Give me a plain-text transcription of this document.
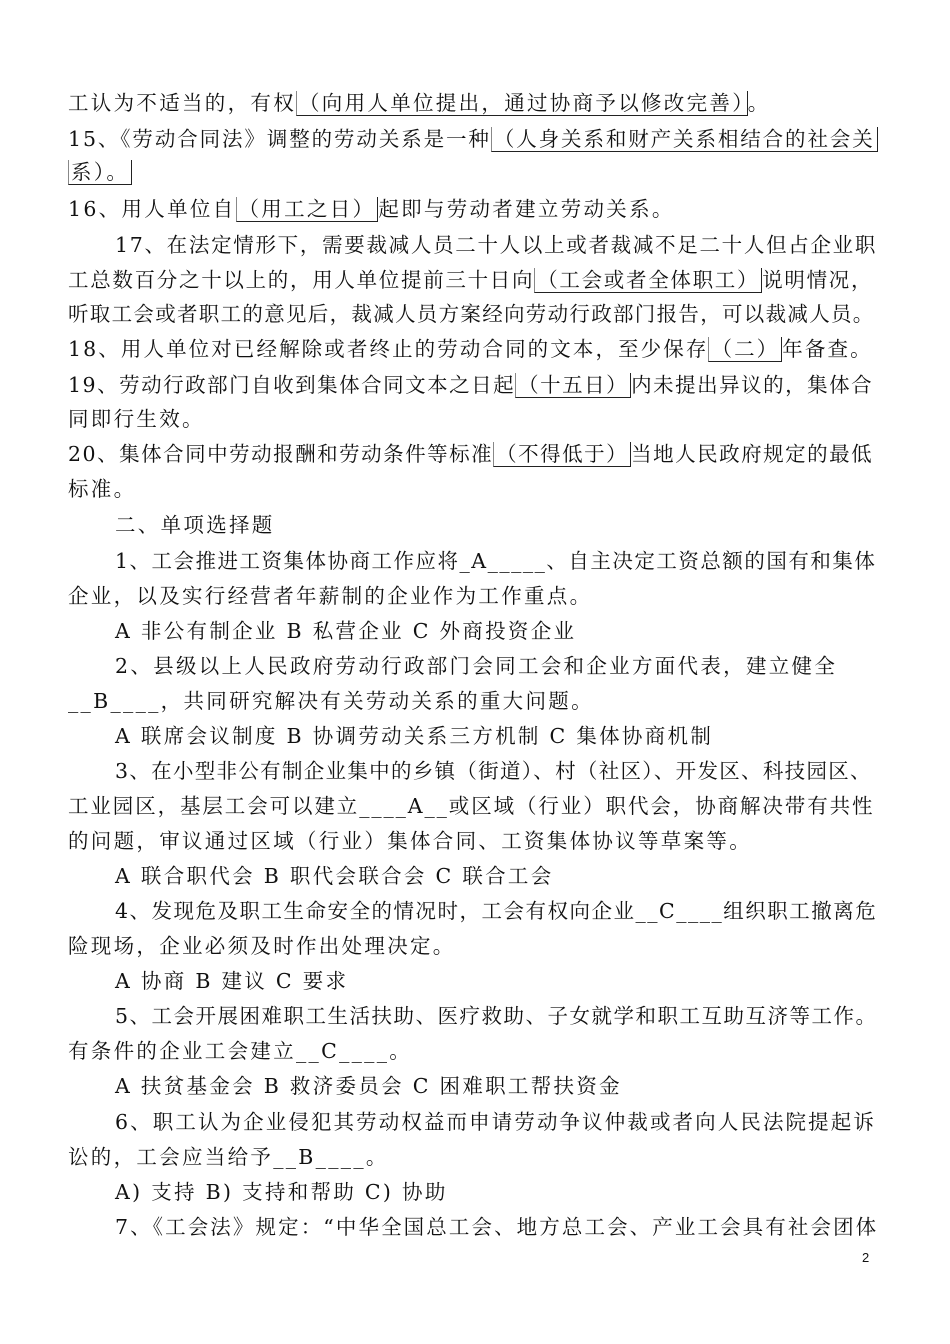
工认为不适当的，有权 （向用人单位提出，通过协商予以修改完善） 。
15、《劳动合同法》调整的劳动关系是一种 （人身关系和财产关系相结合的社会关
系）。
16、用人单位自 （用工之日） 起即与劳动者建立劳动关系。
17、在法定情形下，需要裁减人员二十人以上或者裁减不足二十人但占企业职
工总数百分之十以上的，用人单位提前三十日向 （工会或者全体职工） 说明情况，
听取工会或者职工的意见后，裁减人员方案经向劳动行政部门报告，可以裁减人员。
18、用人单位对已经解除或者终止的劳动合同的文本，至少保存 （二） 年备查。
19、劳动行政部门自收到集体合同文本之日起 （十五日） 内未提出异议的，集体合
同即行生效。
20、集体合同中劳动报酬和劳动条件等标准 （不得低于） 当地人民政府规定的最低
标准。
二、单项选择题
1、工会推进工资集体协商工作应将_A_____、自主决定工资总额的国有和集体
企业，以及实行经营者年薪制的企业作为工作重点。
A 非公有制企业 B 私营企业 C 外商投资企业
2、县级以上人民政府劳动行政部门会同工会和企业方面代表，建立健全
__B____，共同研究解决有关劳动关系的重大问题。
A 联席会议制度 B 协调劳动关系三方机制 C 集体协商机制
3、在小型非公有制企业集中的乡镇（街道）、村（社区）、开发区、科技园区、
工业园区，基层工会可以建立____A__或区域（行业）职代会，协商解决带有共性
的问题，审议通过区域（行业）集体合同、工资集体协议等草案等。
A 联合职代会 B 职代会联合会 C 联合工会
4、发现危及职工生命安全的情况时，工会有权向企业__C____组织职工撤离危
险现场，企业必须及时作出处理决定。
A 协商 B 建议 C 要求
5、工会开展困难职工生活扶助、医疗救助、子女就学和职工互助互济等工作。
有条件的企业工会建立__C____。
A 扶贫基金会 B 救济委员会 C 困难职工帮扶资金
6、职工认为企业侵犯其劳动权益而申请劳动争议仲裁或者向人民法院提起诉
讼的，工会应当给予__B____。
A) 支持 B) 支持和帮助 C) 协助
7、《工会法》规定：“中华全国总工会、地方总工会、产业工会具有社会团体
2
